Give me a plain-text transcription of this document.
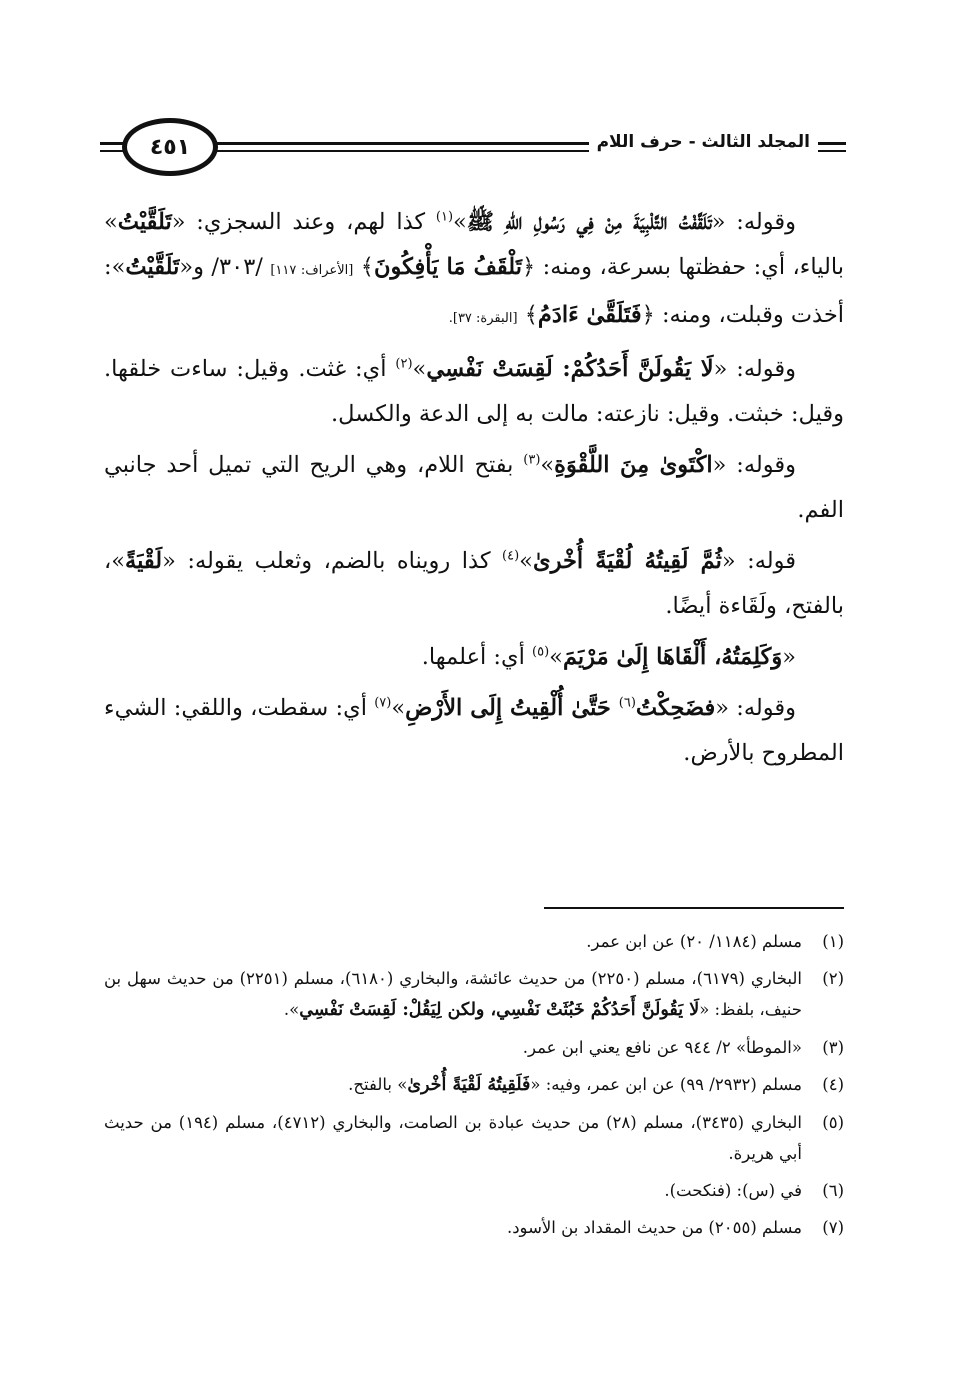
٤٥١	المجلد الثالث - حرف اللام

وقوله: «تَلَقَّفْتُ التَّلْبِيَةَ مِنْ فِي رَسُولِ اللهِ ﷺ»$^{(١)}$ كذا لهم، وعند السجزي: «تَلَقَّيْتُ» بالياء، أي: حفظتها بسرعة، ومنه: ﴿تَلْقَفُ مَا يَأْفِكُونَ﴾ [الأعراف: ١١٧] /٣٠٣/ و«تَلَقَّيْتُ»: أخذت وقبلت، ومنه: ﴿فَتَلَقَّىٰ ءَادَمُ﴾ [البقرة: ٣٧].

وقوله: «لَا يَقُولَنَّ أَحَدُكُمْ: لَقِسَتْ نَفْسِي»$^{(٢)}$ أي: غثت. وقيل: ساءت خلقها. وقيل: خبثت. وقيل: نازعته: مالت به إلى الدعة والكسل.

وقوله: «اكْتَوىٰ مِنَ اللَّقْوَةِ»$^{(٣)}$ بفتح اللام، وهي الريح التي تميل أحد جانبي الفم.

قوله: «ثُمَّ لَقِيتُهُ لُقْيَةً أُخْرىٰ»$^{(٤)}$ كذا رويناه بالضم، وثعلب يقوله: «لَقْيَةً»، بالفتح، ولَقَاءة أيضًا.

«وَكَلِمَتُهُ، أَلْقَاهَا إِلَىٰ مَرْيَمَ»$^{(٥)}$ أي: أعلمها.

وقوله: «فضَحِكْتُ$^{(٦)}$ حَتَّىٰ أُلْقِيتُ إِلَى الأَرْضِ»$^{(٧)}$ أي: سقطت، واللقي: الشيء المطروح بالأرض.

(١)
مسلم (١١٨٤/ ٢٠) عن ابن عمر.
(٢)
البخاري (٦١٧٩)، مسلم (٢٢٥٠) من حديث عائشة، والبخاري (٦١٨٠)، مسلم (٢٢٥١) من حديث سهل بن حنيف، بلفظ: «لَا يَقُولَنَّ أَحَدُكُمْ خَبُثَتْ نَفْسِي، ولكن لِيَقُلْ: لَقِسَتْ نَفْسِي».
(٣)
«الموطأ» ٢/ ٩٤٤ عن نافع يعني ابن عمر.
(٤)
مسلم (٢٩٣٢/ ٩٩) عن ابن عمر، وفيه: «فَلَقِيتُهُ لَقْيَةً أُخْرىٰ» بالفتح.
(٥)
البخاري (٣٤٣٥)، مسلم (٢٨) من حديث عبادة بن الصامت، والبخاري (٤٧١٢)، مسلم (١٩٤) من حديث أبي هريرة.
(٦)
في (س): (فنكحت).
(٧)
مسلم (٢٠٥٥) من حديث المقداد بن الأسود.
